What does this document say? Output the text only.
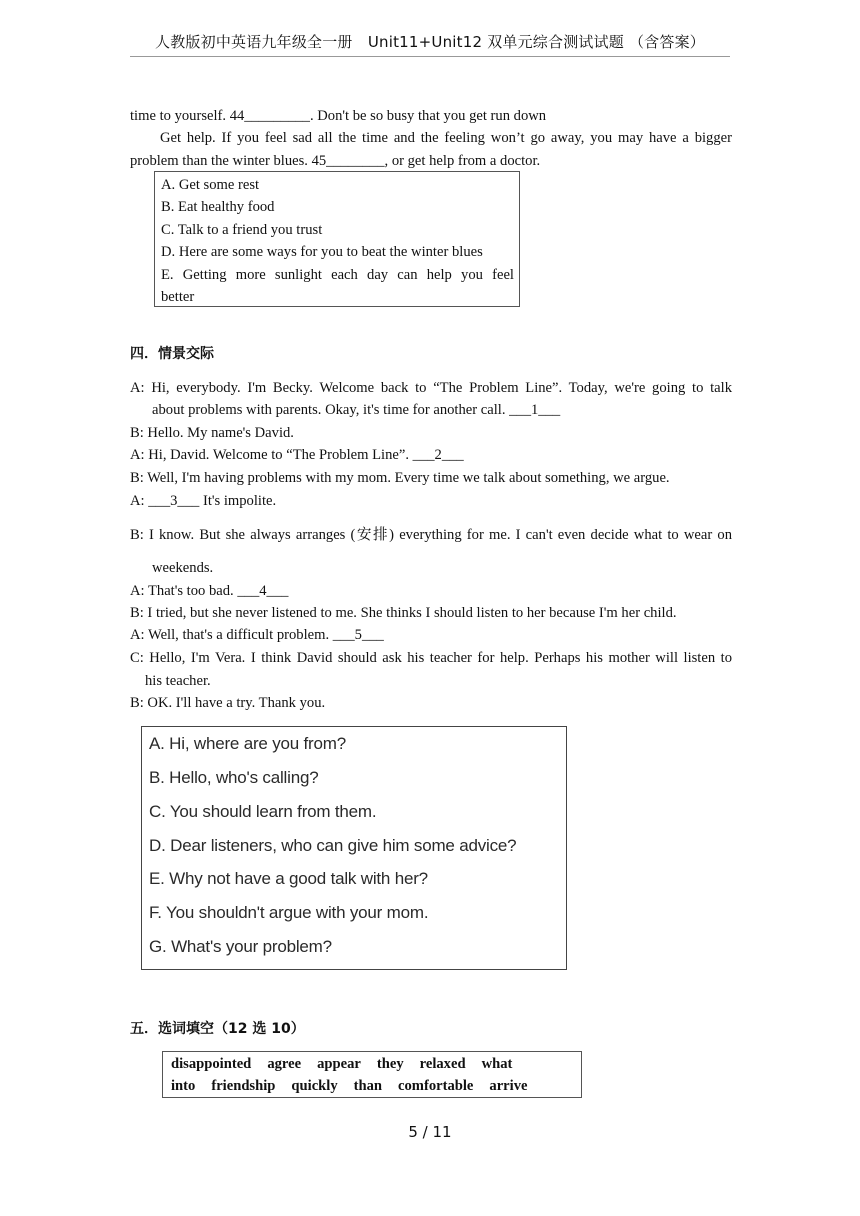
人教版初中英语九年级全一册　Unit11+Unit12 双单元综合测试试题 （含答案）
time to yourself. 44_________. Don't be so busy that you get run down
Get help. If you feel sad all the time and the feeling won’t go away, you may have a bigger
problem than the winter blues. 45________, or get help from a doctor.
A. Get some rest
B. Eat healthy food
C. Talk to a friend you trust
D. Here are some ways for you to beat the winter blues
E. Getting more sunlight each day can help you feel
better
四．情景交际
A: Hi, everybody. I'm Becky. Welcome back to “The Problem Line”. Today, we're going to talk
about problems with parents. Okay, it's time for another call. ___1___
B: Hello. My name's David.
A: Hi, David. Welcome to “The Problem Line”. ___2___
B: Well, I'm having problems with my mom. Every time we talk about something, we argue.
A: ___3___ It's impolite.
B: I know. But she always arranges (安排) everything for me. I can't even decide what to wear on
weekends.
A: That's too bad. ___4___
B: I tried, but she never listened to me. She thinks I should listen to her because I'm her child.
A: Well, that's a difficult problem. ___5___
C: Hello, I'm Vera. I think David should ask his teacher for help. Perhaps his mother will listen to
his teacher.
B: OK. I'll have a try. Thank you.
A. Hi, where are you from?
B. Hello, who's calling?
C. You should learn from them.
D. Dear listeners, who can give him some advice?
E. Why not have a good talk with her?
F. You shouldn't argue with your mom.
G. What's your problem?
五．选词填空（12 选 10）
disappointed agree appear they relaxed what
into friendship quickly than comfortable arrive
5 / 11
